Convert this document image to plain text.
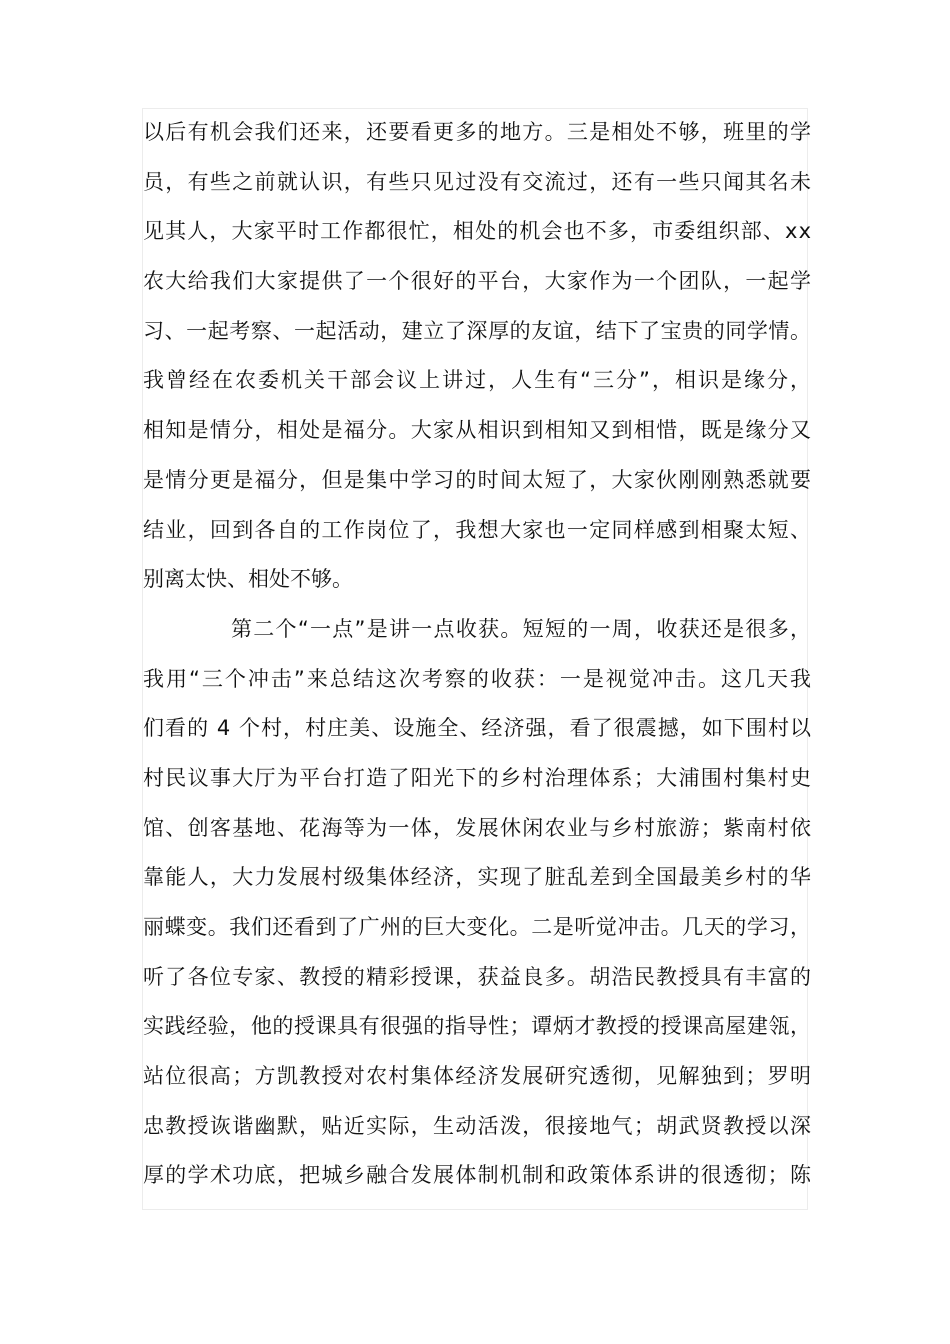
以后有机会我们还来，还要看更多的地方。三是相处不够，班里的学
员，有些之前就认识，有些只见过没有交流过，还有一些只闻其名未
见其人，大家平时工作都很忙，相处的机会也不多，市委组织部、xx
农大给我们大家提供了一个很好的平台，大家作为一个团队，一起学
习、一起考察、一起活动，建立了深厚的友谊，结下了宝贵的同学情。
我曾经在农委机关干部会议上讲过，人生有“三分”，相识是缘分，
相知是情分，相处是福分。大家从相识到相知又到相惜，既是缘分又
是情分更是福分，但是集中学习的时间太短了，大家伙刚刚熟悉就要
结业，回到各自的工作岗位了，我想大家也一定同样感到相聚太短、
别离太快、相处不够。
第二个“一点”是讲一点收获。短短的一周，收获还是很多，
我用“三个冲击”来总结这次考察的收获：一是视觉冲击。这几天我
们看的 4 个村，村庄美、设施全、经济强，看了很震撼，如下围村以
村民议事大厅为平台打造了阳光下的乡村治理体系；大浦围村集村史
馆、创客基地、花海等为一体，发展休闲农业与乡村旅游；紫南村依
靠能人，大力发展村级集体经济，实现了脏乱差到全国最美乡村的华
丽蝶变。我们还看到了广州的巨大变化。二是听觉冲击。几天的学习，
听了各位专家、教授的精彩授课，获益良多。胡浩民教授具有丰富的
实践经验，他的授课具有很强的指导性；谭炳才教授的授课高屋建瓴，
站位很高；方凯教授对农村集体经济发展研究透彻，见解独到；罗明
忠教授诙谐幽默，贴近实际，生动活泼，很接地气；胡武贤教授以深
厚的学术功底，把城乡融合发展体制机制和政策体系讲的很透彻；陈
